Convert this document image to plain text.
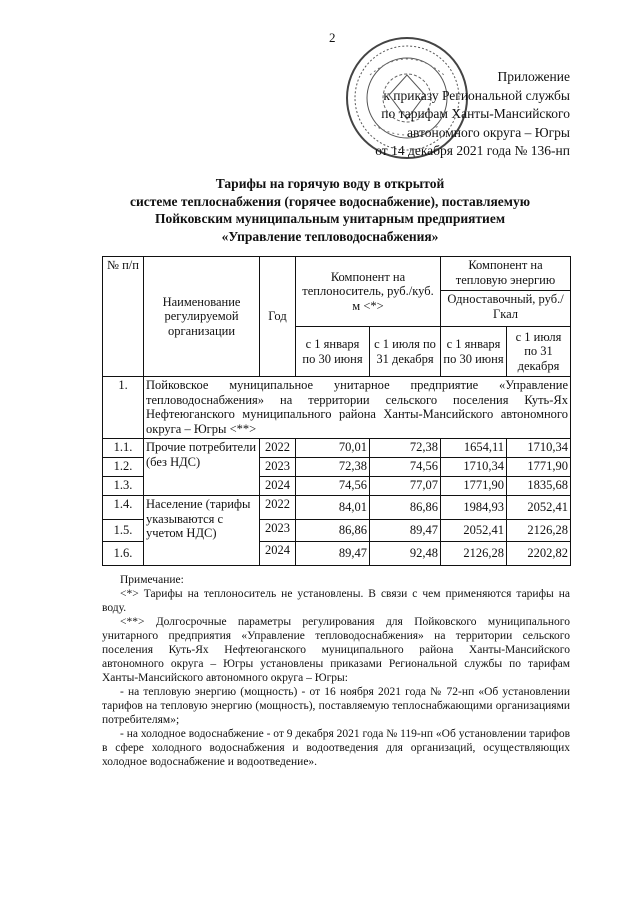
2
Приложение
к приказу Региональной службы
по тарифам Ханты-Мансийского
автономного округа – Югры
от 14 декабря 2021 года № 136-нп
Тарифы на горячую воду в открытой
системе теплоснабжения (горячее водоснабжение), поставляемую
Пойковским муниципальным унитарным предприятием
«Управление тепловодоснабжения»
№ п/п	Наименование регулируемой организации	Год	Компонент на теплоноситель, руб./куб. м <*>		Компонент на тепловую энергию	
					Одноставочный, руб./Гкал	
			с 1 января по 30 июня	с 1 июля по 31 декабря	с 1 января по 30 июня	с 1 июля по 31 декабря
1.	Пойковское муниципальное унитарное предприятие «Управление тепловодоснабжения» на территории сельского поселения Куть-Ях Нефтеюганского муниципального района Ханты-Мансийского автономного округа – Югры <**>					
1.1.	Прочие потребители (без НДС)	2022	70,01	72,38	1654,11	1710,34
1.2.		2023	72,38	74,56	1710,34	1771,90
1.3.		2024	74,56	77,07	1771,90	1835,68
1.4.	Население (тарифы указываются с учетом НДС)	2022	84,01	86,86	1984,93	2052,41
1.5.		2023	86,86	89,47	2052,41	2126,28
1.6.		2024	89,47	92,48	2126,28	2202,82

Примечание:

<*> Тарифы на теплоноситель не установлены. В связи с чем применяются тарифы на воду.

<**> Долгосрочные параметры регулирования для Пойковского муниципального унитарного предприятия «Управление тепловодоснабжения» на территории сельского поселения Куть-Ях Нефтеюганского муниципального района Ханты-Мансийского автономного округа – Югры установлены приказами Региональной службы по тарифам Ханты-Мансийского автономного округа – Югры:

- на тепловую энергию (мощность) - от 16 ноября 2021 года № 72-нп «Об установлении тарифов на тепловую энергию (мощность), поставляемую теплоснабжающими организациями потребителям»;

- на холодное водоснабжение - от 9 декабря 2021 года № 119-нп «Об установлении тарифов в сфере холодного водоснабжения и водоотведения для организаций, осуществляющих холодное водоснабжение и водоотведение».
